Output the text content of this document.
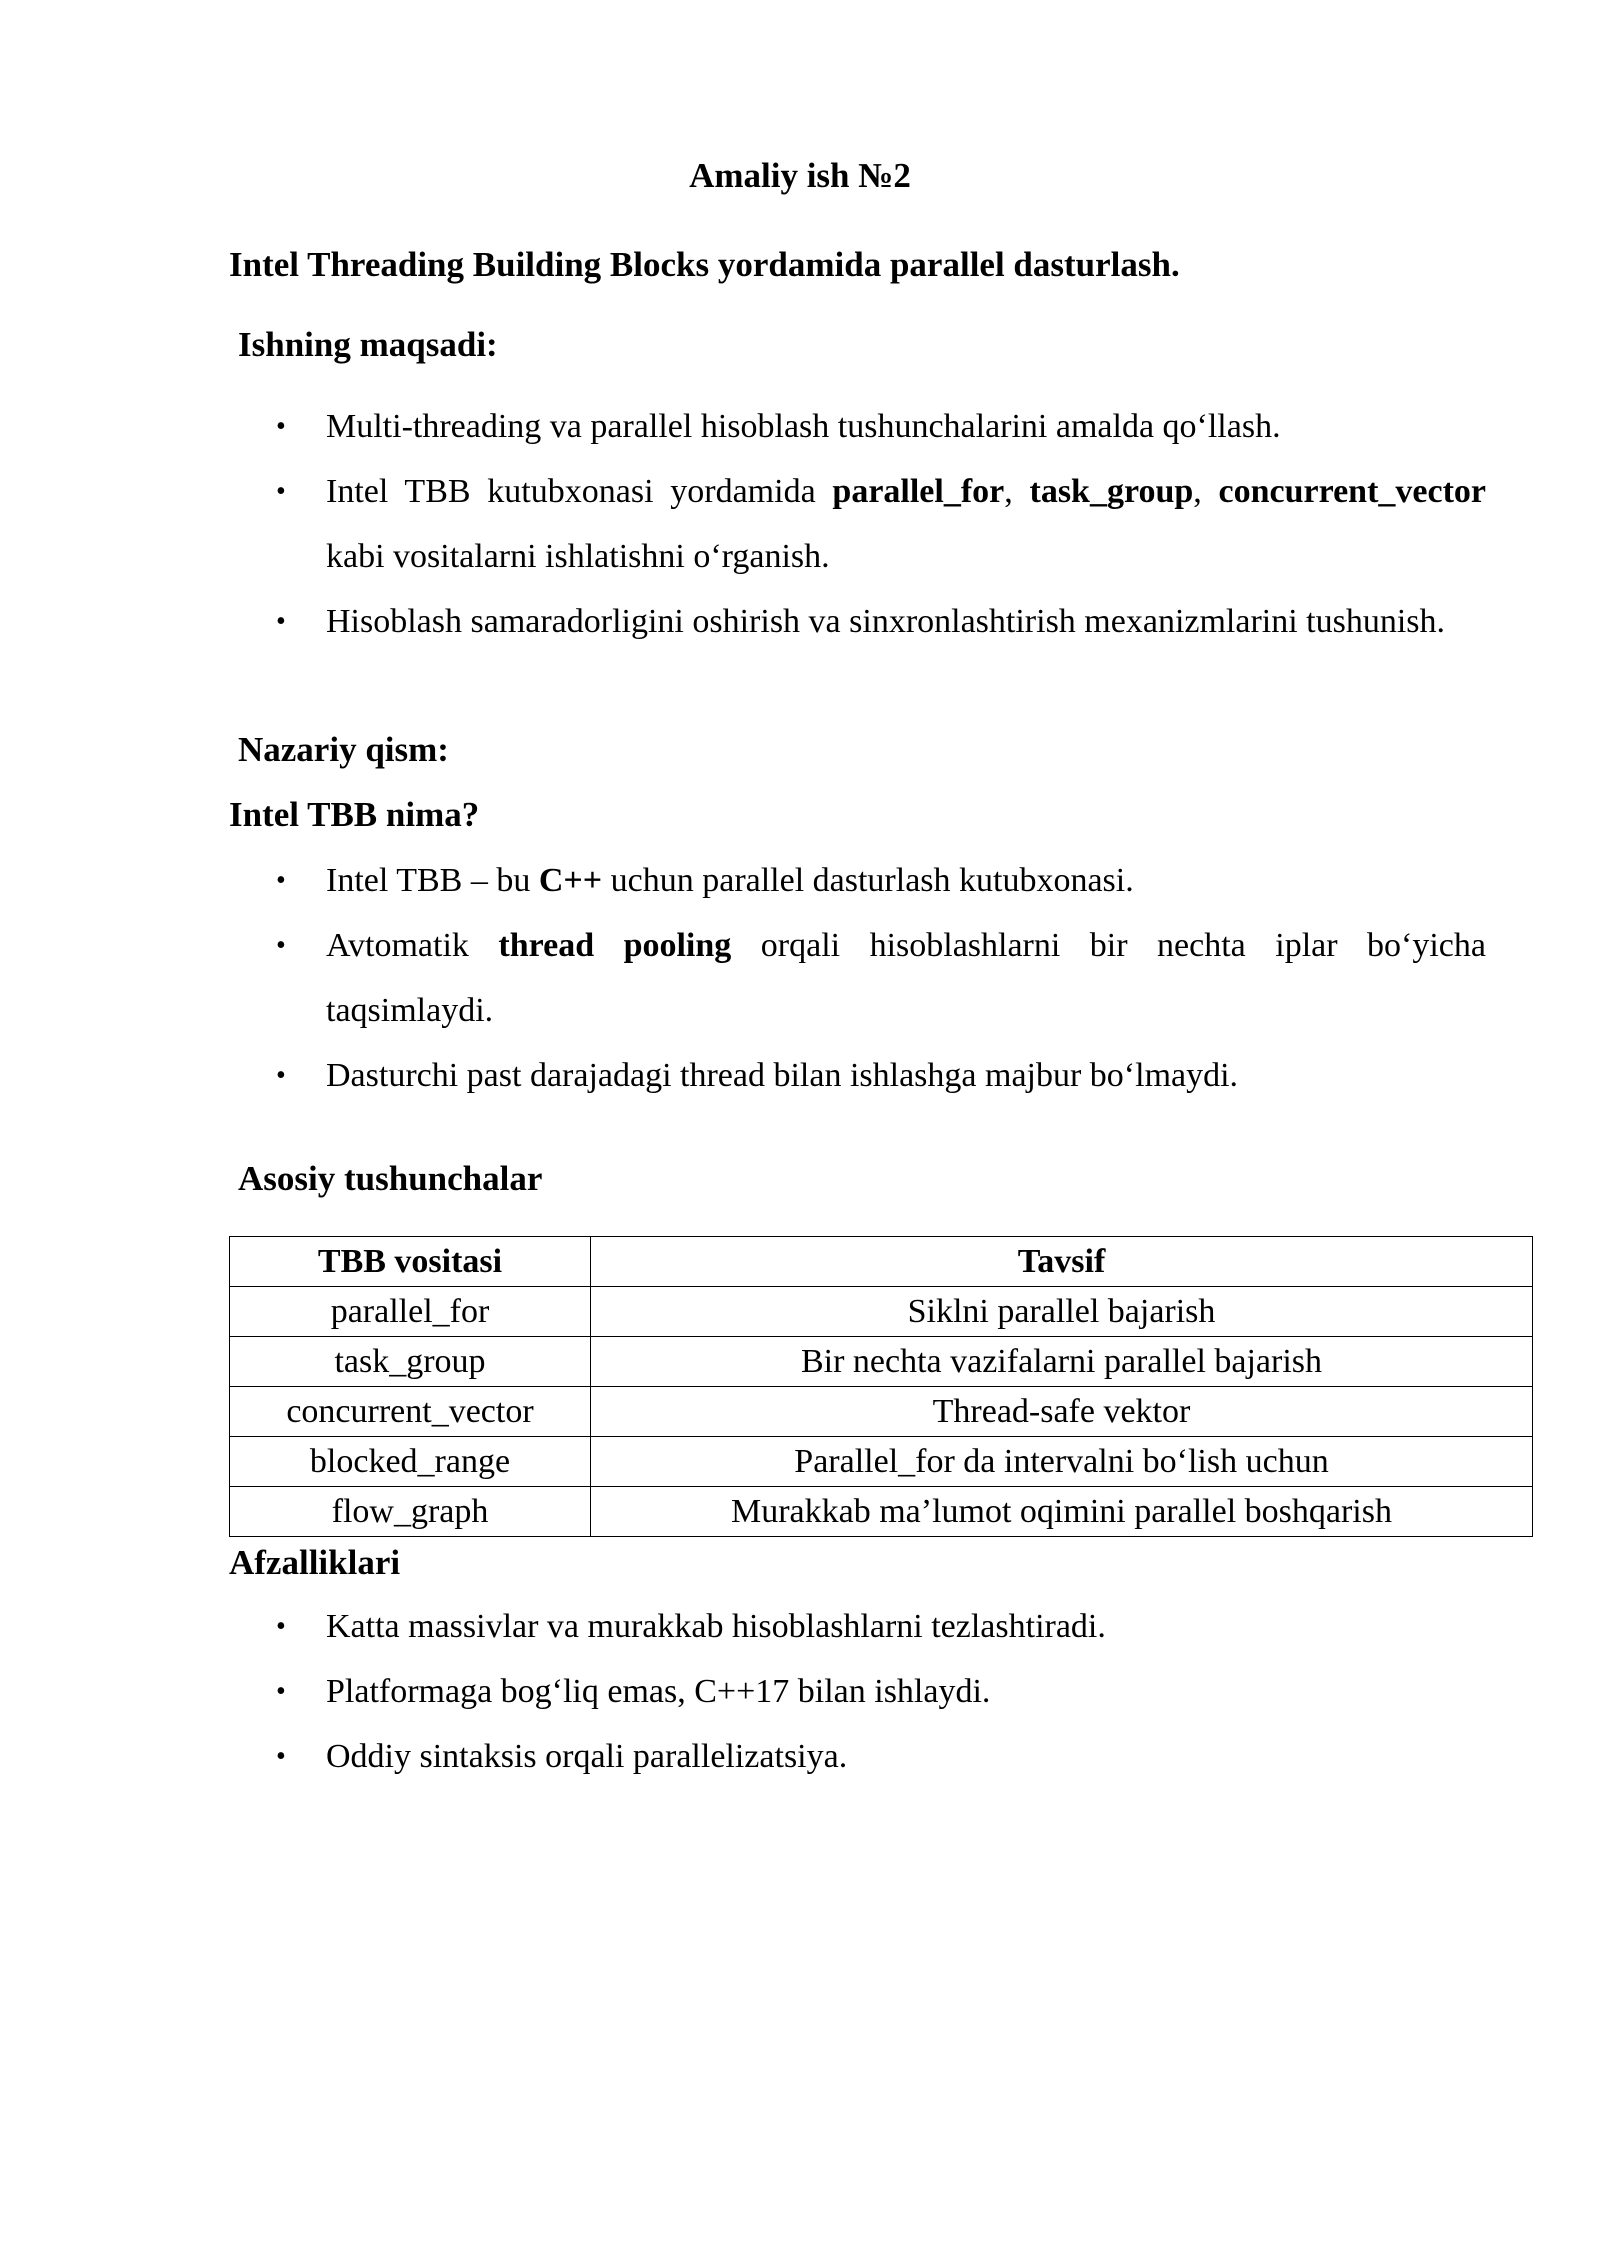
Amaliy ish №2

Intel Threading Building Blocks yordamida parallel dasturlash.

Ishning maqsadi:

• Multi-threading va parallel hisoblash tushunchalarini amalda qo‘llash.
• Intel TBB kutubxonasi yordamida parallel_for, task_group, concurrent_vector kabi vositalarni ishlatishni o‘rganish.
• Hisoblash samaradorligini oshirish va sinxronlashtirish mexanizmlarini tushunish.

Nazariy qism:

Intel TBB nima?

• Intel TBB – bu C++ uchun parallel dasturlash kutubxonasi.
• Avtomatik thread pooling orqali hisoblashlarni bir nechta iplar bo‘yicha taqsimlaydi.
• Dasturchi past darajadagi thread bilan ishlashga majbur bo‘lmaydi.

Asosiy tushunchalar

TBB vositasi	Tavsif
parallel_for	Siklni parallel bajarish
task_group	Bir nechta vazifalarni parallel bajarish
concurrent_vector	Thread-safe vektor
blocked_range	Parallel_for da intervalni bo‘lish uchun
flow_graph	Murakkab ma’lumot oqimini parallel boshqarish

Afzalliklari

• Katta massivlar va murakkab hisoblashlarni tezlashtiradi.
• Platformaga bog‘liq emas, C++17 bilan ishlaydi.
• Oddiy sintaksis orqali parallelizatsiya.
